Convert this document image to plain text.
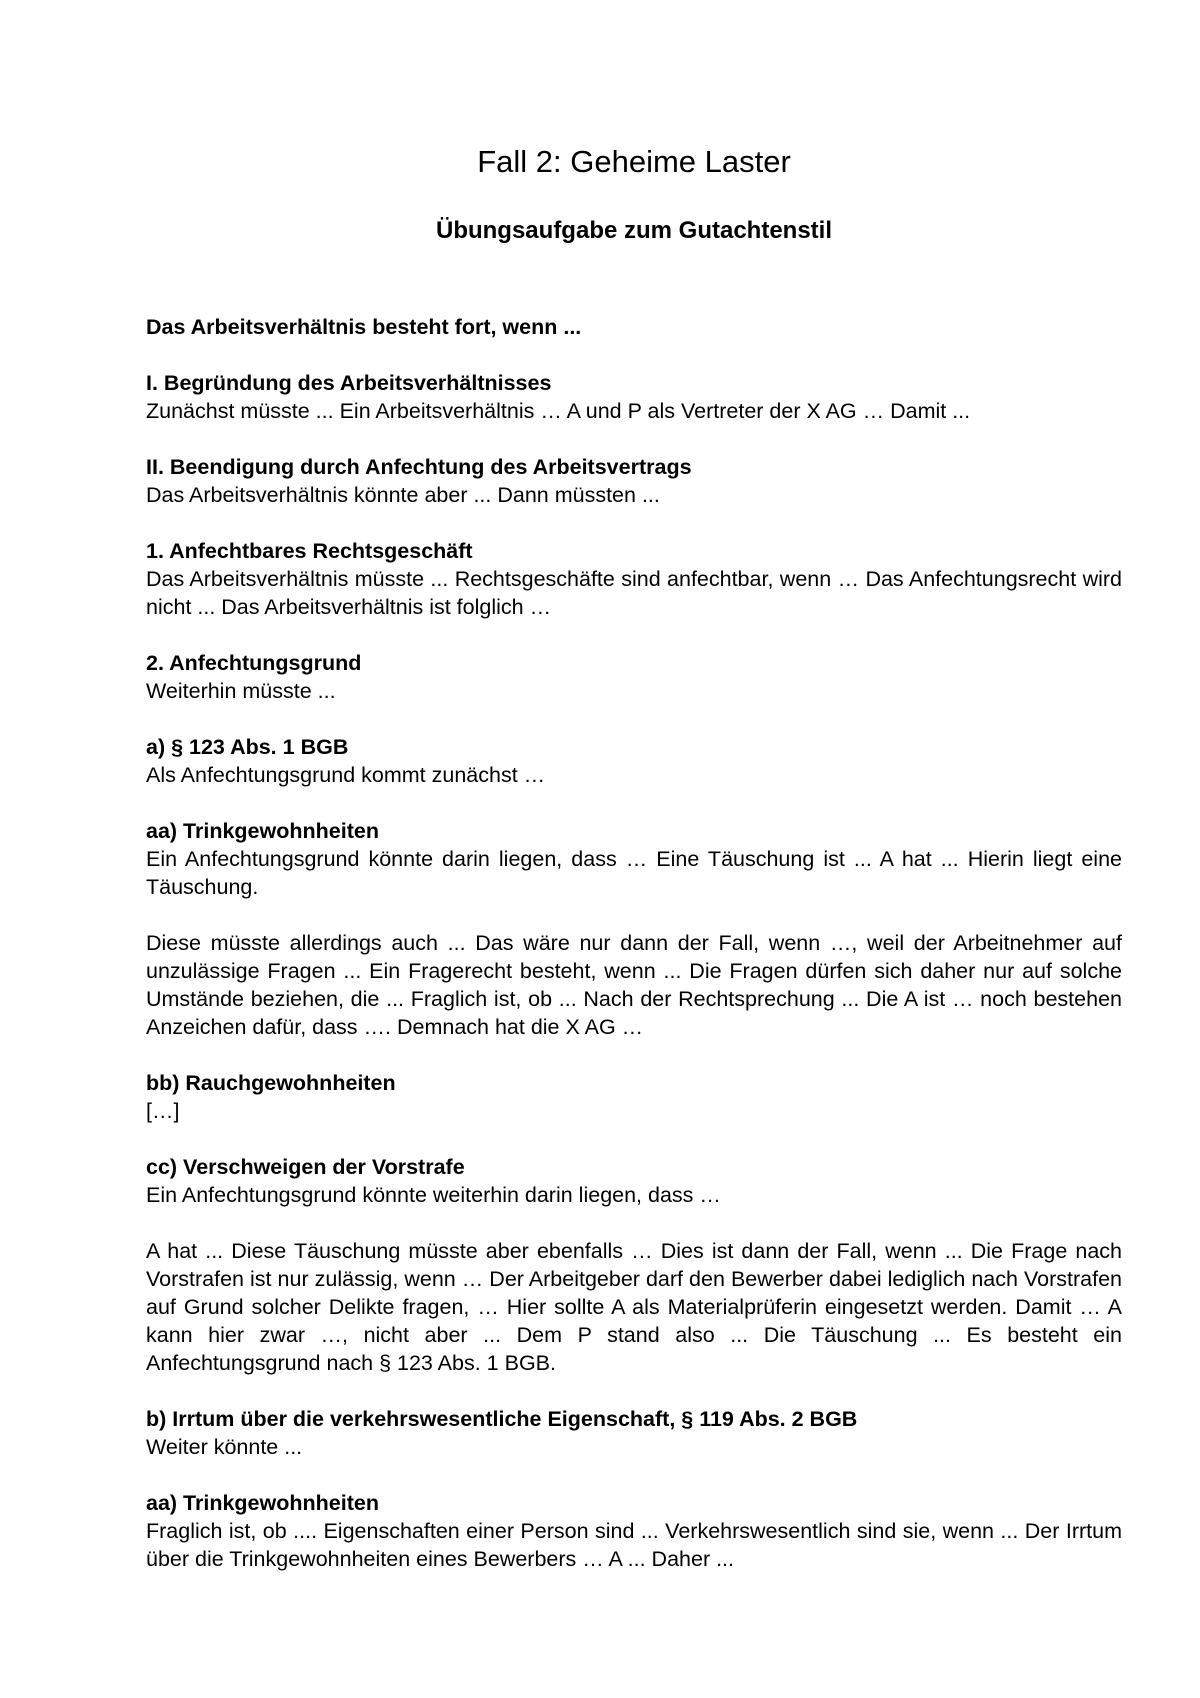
Fall 2: Geheime Laster
Übungsaufgabe zum Gutachtenstil
Das Arbeitsverhältnis besteht fort, wenn ...
I. Begründung des Arbeitsverhältnisses
Zunächst müsste ... Ein Arbeitsverhältnis … A und P als Vertreter der X AG … Damit ...
II. Beendigung durch Anfechtung des Arbeitsvertrags
Das Arbeitsverhältnis könnte aber ... Dann müssten ...
1. Anfechtbares Rechtsgeschäft
Das Arbeitsverhältnis müsste ... Rechtsgeschäfte sind anfechtbar, wenn … Das Anfechtungsrecht wird nicht ... Das Arbeitsverhältnis ist folglich …
2. Anfechtungsgrund
Weiterhin müsste ...
a) § 123 Abs. 1 BGB
Als Anfechtungsgrund kommt zunächst …
aa) Trinkgewohnheiten
Ein Anfechtungsgrund könnte darin liegen, dass … Eine Täuschung ist ... A hat ... Hierin liegt eine Täuschung.
Diese müsste allerdings auch ... Das wäre nur dann der Fall, wenn …, weil der Arbeitnehmer auf unzulässige Fragen ... Ein Fragerecht besteht, wenn ... Die Fragen dürfen sich daher nur auf solche Umstände beziehen, die ... Fraglich ist, ob ... Nach der Rechtsprechung ... Die A ist … noch bestehen Anzeichen dafür, dass …. Demnach hat die X AG …
bb) Rauchgewohnheiten
[…]
cc) Verschweigen der Vorstrafe
Ein Anfechtungsgrund könnte weiterhin darin liegen, dass …
A hat ... Diese Täuschung müsste aber ebenfalls … Dies ist dann der Fall, wenn ... Die Frage nach Vorstrafen ist nur zulässig, wenn … Der Arbeitgeber darf den Bewerber dabei lediglich nach Vorstrafen auf Grund solcher Delikte fragen, … Hier sollte A als Materialprüferin eingesetzt werden. Damit … A kann hier zwar …, nicht aber ... Dem P stand also ... Die Täuschung ... Es besteht ein Anfechtungsgrund nach § 123 Abs. 1 BGB.
b) Irrtum über die verkehrswesentliche Eigenschaft, § 119 Abs. 2 BGB
Weiter könnte ...
aa) Trinkgewohnheiten
Fraglich ist, ob .... Eigenschaften einer Person sind ... Verkehrswesentlich sind sie, wenn ... Der Irrtum über die Trinkgewohnheiten eines Bewerbers … A ... Daher ...
